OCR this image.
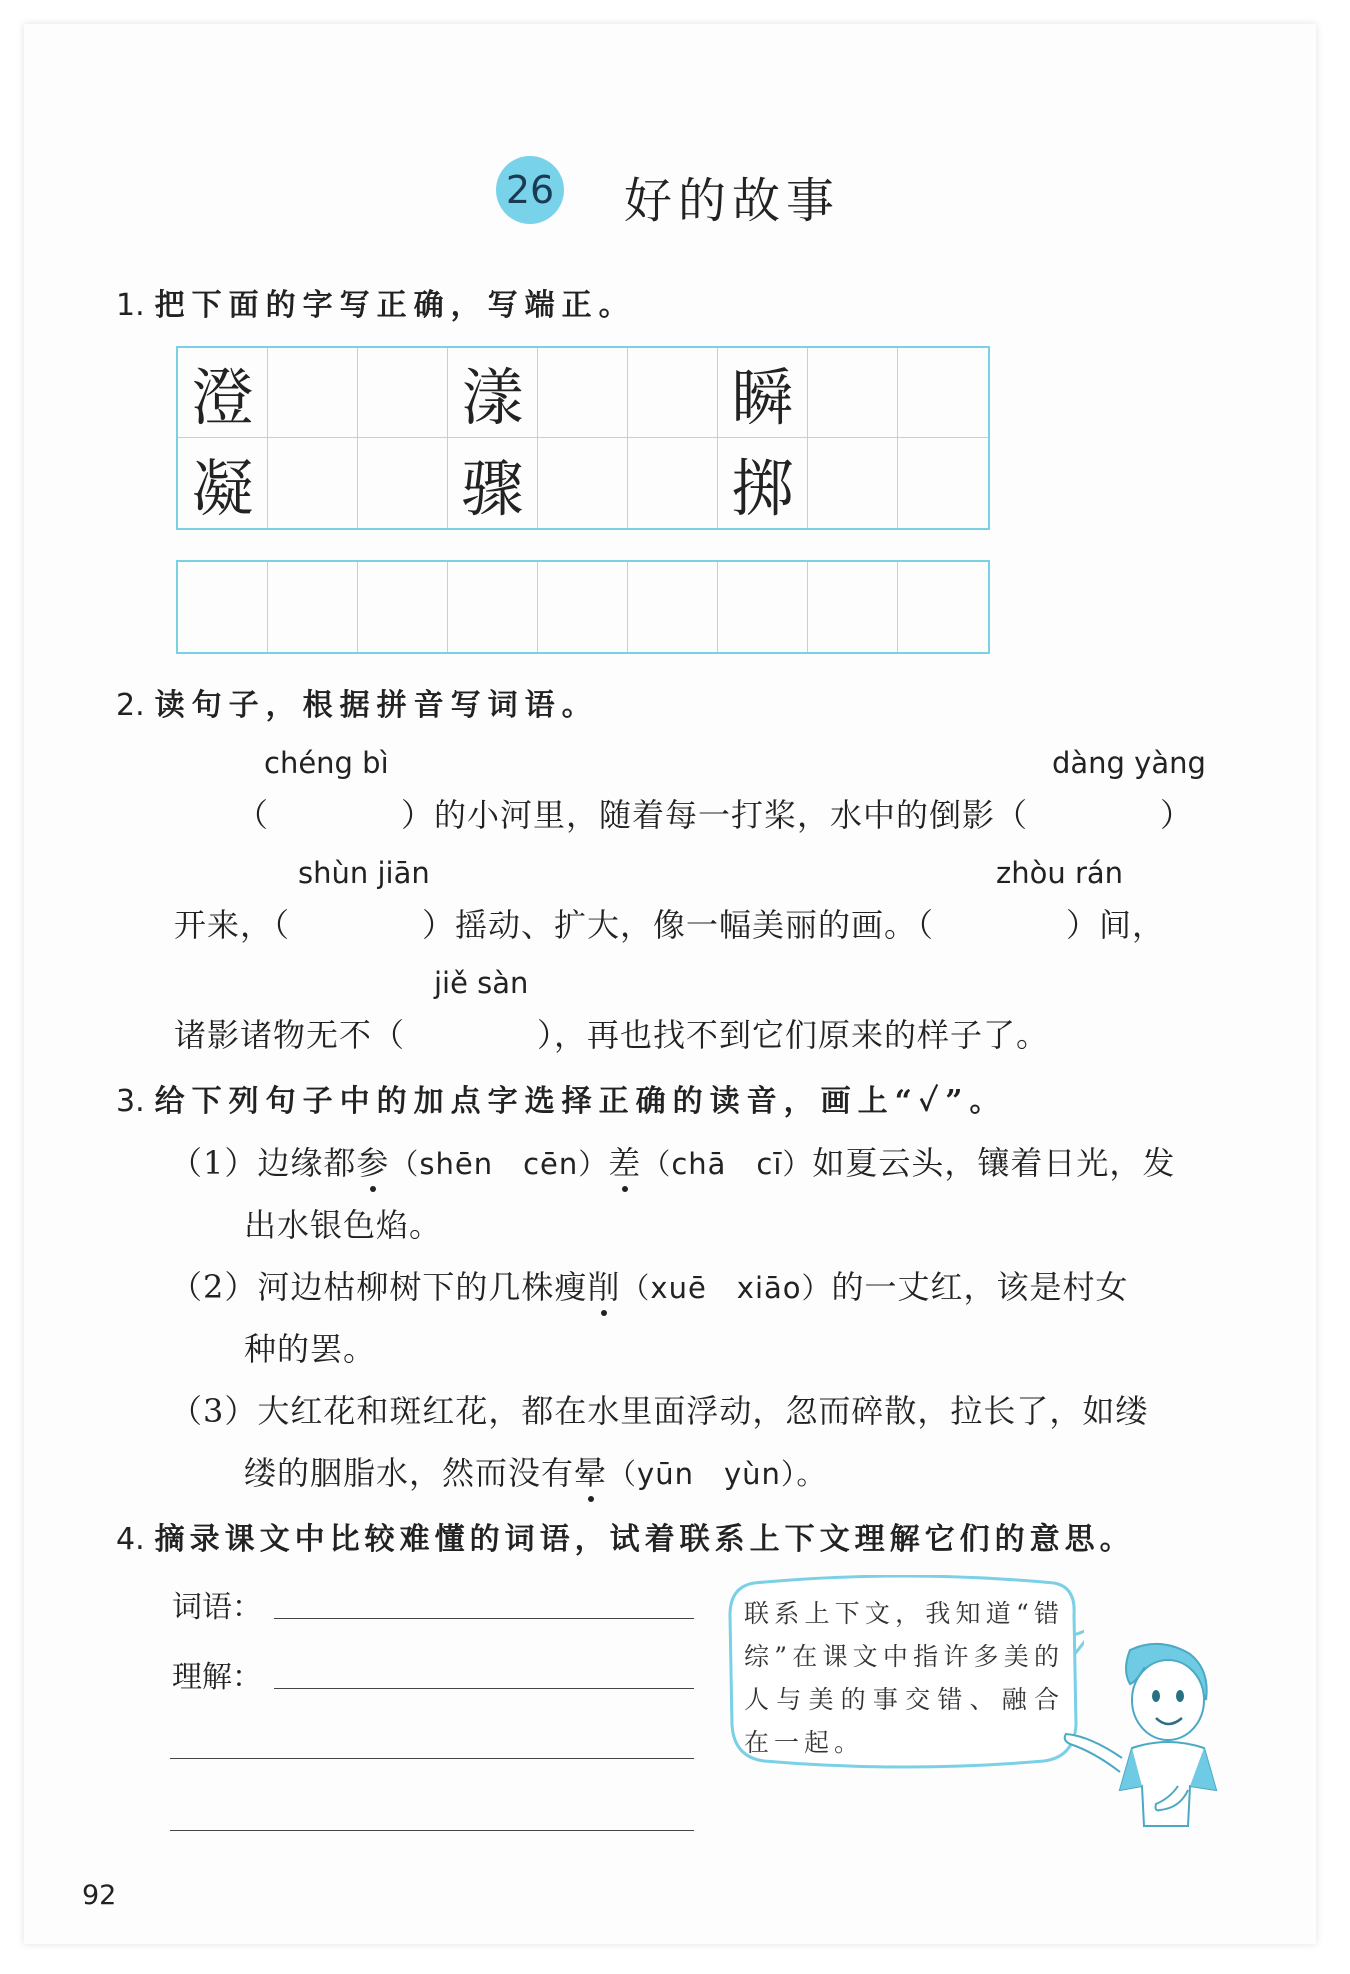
26 好的故事
1. 把下面的字写正确，写端正。
澄	漾	瞬
凝	骤	掷
2. 读句子，根据拼音写词语。
chéng bì	dàng yàng
（　　　　）的小河里，随着每一打桨，水中的倒影（　　　　）
shùn jiān	zhòu rán
开来，（　　　　）摇动、扩大，像一幅美丽的画。（　　　　）间，
jiě sàn
诸影诸物无不（　　　　），再也找不到它们原来的样子了。
3. 给下列句子中的加点字选择正确的读音，画上“✓”。
（1）边缘都参（shēn　cēn）差（chā　cī）如夏云头，镶着日光，发
出水银色焰。
（2）河边枯柳树下的几株瘦削（xuē　xiāo）的一丈红，该是村女
种的罢。
（3）大红花和斑红花，都在水里面浮动，忽而碎散，拉长了，如缕
缕的胭脂水，然而没有晕（yūn　yùn）。
4. 摘录课文中比较难懂的词语，试着联系上下文理解它们的意思。
词语：
理解：
联系上下文，我知道“错综”在课文中指许多美的人与美的事交错、融合在一起。
92
